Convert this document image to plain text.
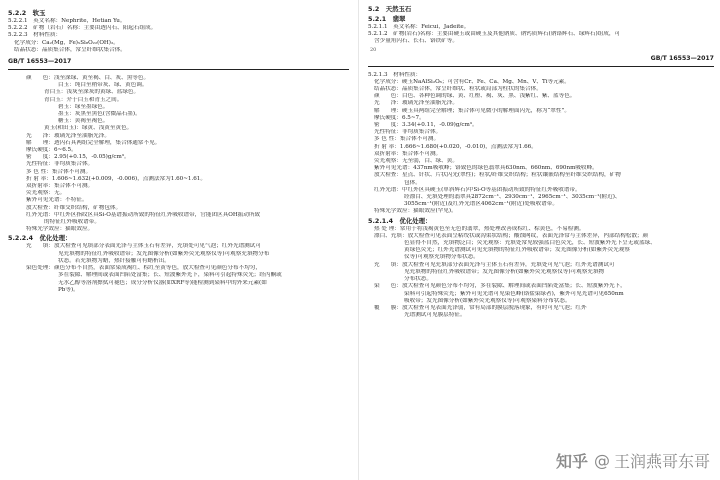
5.2.2　软玉
5.2.2.1　英文名称：Nephrite，Hetian Yu。
5.2.2.2　矿物（岩石）名称：主要由透闪石、阳起石组成。
5.2.2.3　材料性质：
化学成分：Ca₂(Mg，Fe)₅Si₈O₂₂(OH)₂。
结晶状态：晶质集合体，常呈纤维状集合体。
GB/T 16553—2017
颜　　色：浅至深绿、黄至褐、白、灰、黑等色。
白玉：纯白至稍带灰、绿、黄色调。
青白玉：浅灰至深灰的黄绿、蓝绿色。
青白玉：介于白玉和青玉之间。
碧玉：绿至墨绿色。
墨玉：灰黑至黑色(含微晶石墨)。
糖玉：黄褐至褐色。
黄玉(和田玉)：绿黄、浅黄至黄色。
光　　泽：玻璃光泽至油脂光泽。
解　　理：透闪石具两组完全解理，集合体通常不见。
摩氏硬度：6~6.5。
密　　度：2.95(+0.15，-0.05)g/cm³。
光性特征：非均质集合体。
多 色 性：集合体不可测。
折 射 率：1.606~1.632(+0.009，-0.006)，点测法常为1.60~1.61。
双折射率：集合体不可测。
荧光观察：无。
紫外可见光谱：不特征。
放大检查：纤维交织结构，矿物包体。
红外光谱：中红外区指纹区具Si-O基谱振动所致的特征红外吸收谱带，官能团区具OH振动所致
的特征红外吸收谱带。
特殊光学效应：猫眼效应。
5.2.2.4　优化处理：
充　　填：放大检查可见填部分表面光泽与主体玉石有差异，充填处可见气泡；红外光谱测试可
见充填物的特征红外吸收谱带；发光图像分析(如紫外荧光观察仪等)可观察充填物分布
状态。若充填物为蜡，热针接触可有蜡析出。
染色处理：颜色分布不自然，表面常染成褐红、棕红至黄等色，放大检查可见颜色分布不均匀，
多在裂隙、解理间或表面凹陷处富集；长、短波紫外光下，染料可引起特殊荧光；经丙酮或
无水乙醇等溶剂擦拭可褪色；成分分析仪器(如XRF等)能检测到染料中的外来元素(如
Pb等)。
5.2　天然玉石
5.2.1　翡翠
5.2.1.1　英文名称：Feicui，Jadeite。
5.2.1.2　矿物(岩石)名称：主要由硬玉或由硬玉及其他钠质、钠钙质辉石(钠铬辉石、绿辉石)组成，可
含少量角闪石、长石、铬铁矿等。
20
GB/T 16553—2017
5.2.1.3　材料性质：
化学成分：硬玉NaAlSi₂O₆；可含有Cr、Fe、Ca、Mg、Mn、V、Ti等元素。
结晶状态：晶质集合体，常呈纤维状、粒状或局部为柱状的集合体。
颜　　色：白色、各种色调的绿、黄、红橙、褐、灰、黑、浅紫红、紫、蓝等色。
光　　泽：玻璃光泽至油脂光泽。
解　　理：硬玉具两组完全解理；集合体可见微小的解理面闪光，称为“翠性”。
摩氏硬度：6.5~7。
密　　度：3.34(+0.11，-0.09)g/cm³。
光性特征：非均质集合体。
多 色 性：集合体不可测。
折 射 率：1.666~1.680(+0.020，-0.010)，点测法常为1.66。
双折射率：集合体不可测。
荧光观察：无至弱，白、绿、黄。
紫外可见光谱：437nm吸收峰；铬致色的绿色翡翠具630nm、660nm、690nm吸收峰。
放大检查：星点、针状、片状闪光(翠性)；粒状/纤维交织结构；粒状镶嵌结构至纤维交织结构，矿物
包体。
红外光谱：中红外区具硬玉(单斜辉石)中Si-O等基团振动所致的特征红外吸收谱带。
经漂白、充填处理的翡翠具2872cm⁻¹、2930cm⁻¹、2965cm⁻¹、3035cm⁻¹(附近)、
3055cm⁻¹(附近)及红外光谱区4062cm⁻¹(附近)处吸收谱带。
特殊光学效应：猫眼效应(罕见)。
5.2.1.4　优化处理：
热 处 理：常用于将浅褐黄色至无色的翡翠，热处理改善成棕红、棕黄色，不易检测。
漂白、充填：放大检查可见表面呈粘绞状或沟渠状结构；酸蚀网纹，表面光泽常与主体差异，内部结构松散；颜
色显得不自然，充填物泛白；荧光观察：充填处常见较强蓝白色荧光，长、短波紫外光下呈无或蓝绿、
黄绿色荧光；红外光谱测试可见充填物的特征红外吸收谱带；发光图像分析(如紫外荧光观察
仪等)可观察充填物分布状态。
充　　填：放大检查可见充填部分表面光泽与主体玉石有差异，充填处可见气泡；红外光谱测试可
见充填物的特征红外吸收谱带；发光图像分析(如紫外荧光观察仪等)可观察充填物
分布状态。
染　　色：放大检查可见颜色分布不均匀，多在裂隙、解理间或表面凹陷处富集；长、短波紫外光下，
染料可引起特殊荧光；紫外可见光谱可见染色峰(铬盐染绿者)，紫外可见光谱可见650nm
吸收带；发光图像分析(如紫外荧光观察仪等)可观察染料分布状态。
覆　　膜：放大检查可见表面光泽弱，常有局部的膜层脱落现象，有时可见气泡；红外
光谱测试可见膜层特征。
知乎 @ 王润燕哥东哥
